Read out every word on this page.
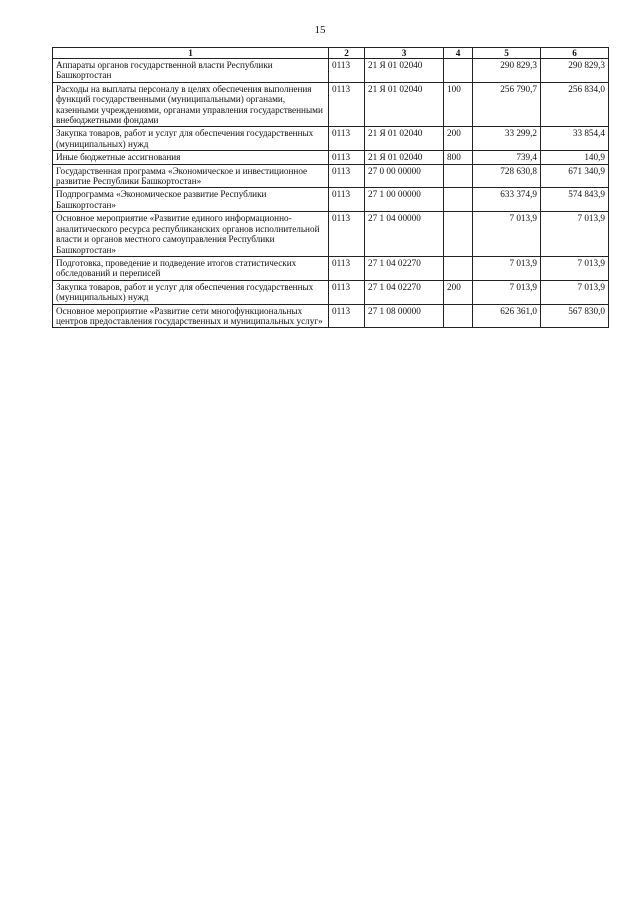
15
1	2	3	4	5	6
Аппараты органов государственной власти Республики Башкортостан	0113	21 Я 01 02040		290 829,3	290 829,3
Расходы на выплаты персоналу в целях обеспечения выполнения функций государственными (муниципальными) органами, казенными учреждениями, органами управления государственными внебюджетными фондами	0113	21 Я 01 02040	100	256 790,7	256 834,0
Закупка товаров, работ и услуг для обеспечения государственных (муниципальных) нужд	0113	21 Я 01 02040	200	33 299,2	33 854,4
Иные бюджетные ассигнования	0113	21 Я 01 02040	800	739,4	140,9
Государственная программа «Экономическое и инвестиционное развитие Республики Башкортостан»	0113	27 0 00 00000		728 630,8	671 340,9
Подпрограмма «Экономическое развитие Республики Башкортостан»	0113	27 1 00 00000		633 374,9	574 843,9
Основное мероприятие «Развитие единого информационно-аналитического ресурса республиканских органов исполнительной власти и органов местного самоуправления Республики Башкортостан»	0113	27 1 04 00000		7 013,9	7 013,9
Подготовка, проведение и подведение итогов статистических обследований и переписей	0113	27 1 04 02270		7 013,9	7 013,9
Закупка товаров, работ и услуг для обеспечения государственных (муниципальных) нужд	0113	27 1 04 02270	200	7 013,9	7 013,9
Основное мероприятие «Развитие сети многофункциональных центров предоставления государственных и муниципальных услуг»	0113	27 1 08 00000		626 361,0	567 830,0
